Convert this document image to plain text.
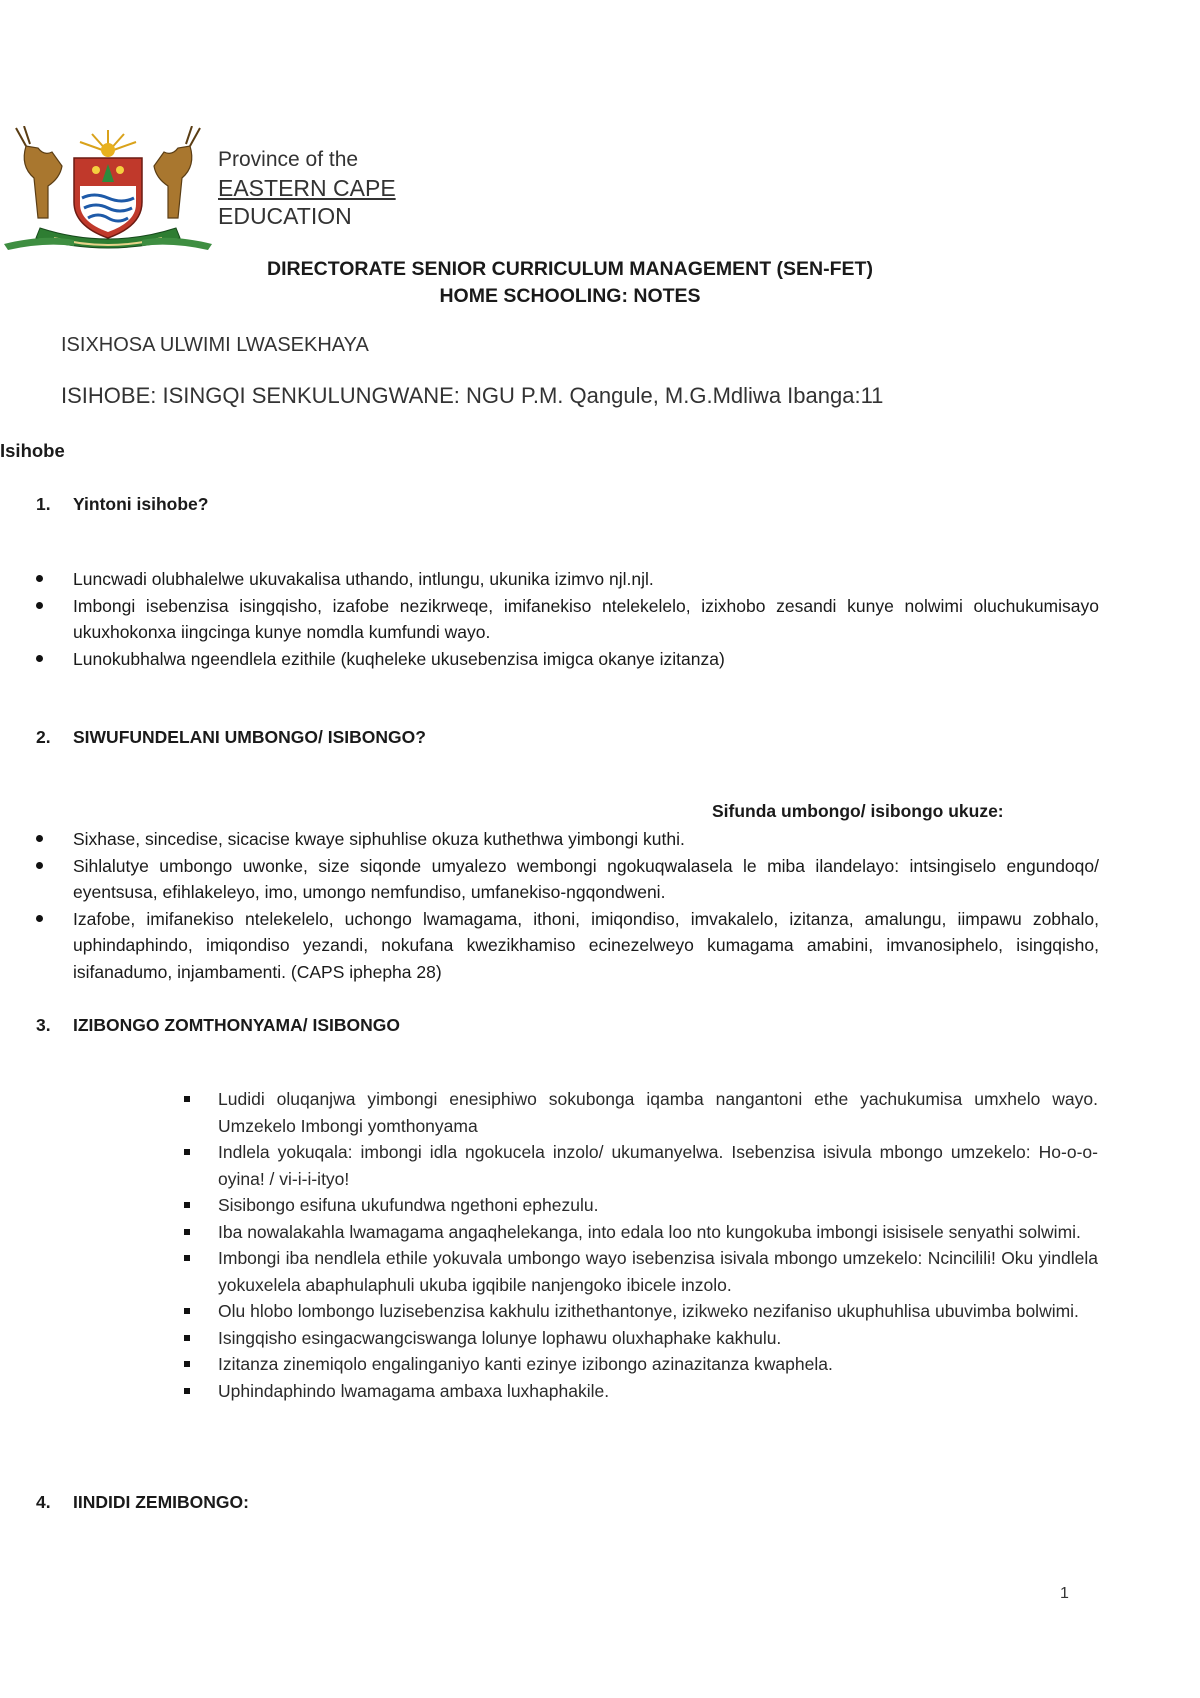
Province of the
EASTERN CAPE
EDUCATION
DIRECTORATE SENIOR CURRICULUM MANAGEMENT (SEN-FET)
HOME SCHOOLING: NOTES
ISIXHOSA ULWIMI LWASEKHAYA
ISIHOBE: ISINGQI SENKULUNGWANE: NGU P.M. Qangule, M.G.Mdliwa Ibanga:11
Isihobe
1.	Yintoni isihobe?
Luncwadi olubhalelwe ukuvakalisa uthando, intlungu, ukunika izimvo njl.njl.
Imbongi isebenzisa isingqisho, izafobe nezikrweqe, imifanekiso ntelekelelo, izixhobo zesandi kunye nolwimi oluchukumisayo ukuxhokonxa iingcinga kunye nomdla kumfundi wayo.
Lunokubhalwa ngeendlela ezithile (kuqheleke ukusebenzisa imigca okanye izitanza)
2.	SIWUFUNDELANI UMBONGO/ ISIBONGO?
Sifunda umbongo/ isibongo ukuze:
Sixhase, sincedise, sicacise kwaye siphuhlise okuza kuthethwa yimbongi kuthi.
Sihlalutye umbongo uwonke, size siqonde umyalezo wembongi ngokuqwalasela le miba ilandelayo: intsingiselo engundoqo/ eyentsusa, efihlakeleyo, imo, umongo nemfundiso, umfanekiso-ngqondweni.
Izafobe, imifanekiso ntelekelelo, uchongo lwamagama, ithoni, imiqondiso, imvakalelo, izitanza, amalungu, iimpawu zobhalo, uphindaphindo, imiqondiso yezandi, nokufana kwezikhamiso ecinezelweyo kumagama amabini, imvanosiphelo, isingqisho, isifanadumo, injambamenti. (CAPS iphepha 28)
3.	IZIBONGO ZOMTHONYAMA/ ISIBONGO
Ludidi oluqanjwa yimbongi enesiphiwo sokubonga iqamba nangantoni ethe yachukumisa umxhelo wayo. Umzekelo Imbongi yomthonyama
Indlela yokuqala: imbongi idla ngokucela inzolo/ ukumanyelwa. Isebenzisa isivula mbongo umzekelo: Ho-o-o-oyina! / vi-i-i-ityo!
Sisibongo esifuna ukufundwa ngethoni ephezulu.
Iba nowalakahla lwamagama angaqhelekanga, into edala loo nto kungokuba imbongi isisisele senyathi solwimi.
Imbongi iba nendlela ethile yokuvala umbongo wayo isebenzisa isivala mbongo umzekelo: Ncincilili! Oku yindlela yokuxelela abaphulaphuli ukuba igqibile nanjengoko ibicele inzolo.
Olu hlobo lombongo luzisebenzisa kakhulu izithethantonye, izikweko nezifaniso ukuphuhlisa ubuvimba bolwimi.
Isingqisho esingacwangciswanga lolunye lophawu oluxhaphake kakhulu.
Izitanza zinemiqolo engalinganiyo kanti ezinye izibongo azinazitanza kwaphela.
Uphindaphindo lwamagama ambaxa luxhaphakile.
4.	IINDIDI ZEMIBONGO:
1
